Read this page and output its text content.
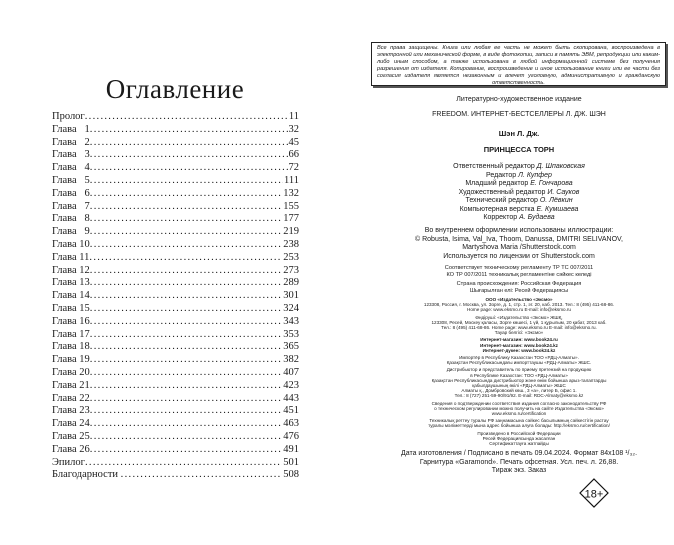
Оглавление
Пролог .....	11
Глава   1 .....	32
Глава   2 .....	45
Глава   3 .....	66
Глава   4 .....	72
Глава   5 .....	111
Глава   6 .....	132
Глава   7 .....	155
Глава   8 .....	177
Глава   9 .....	219
Глава 10 .....	238
Глава 11 .....	253
Глава 12 .....	273
Глава 13 .....	289
Глава 14 .....	301
Глава 15 .....	324
Глава 16 .....	343
Глава 17 .....	353
Глава 18 .....	365
Глава 19 .....	382
Глава 20 .....	407
Глава 21 .....	423
Глава 22 .....	443
Глава 23 .....	451
Глава 24 .....	463
Глава 25 .....	476
Глава 26 .....	491
Эпилог .....	501
Благодарности .....	508
Все права защищены. Книга или любая ее часть не может быть скопирована, воспроизведена в электронной или механической форме, в виде фотокопии, записи в память ЭВМ, репродукции или каким-либо иным способом, а также использована в любой информационной системе без получения разрешения от издателя. Копирование, воспроизведение и иное использование книги или ее части без согласия издателя является незаконным и влечет уголовную, административную и гражданскую ответственность.
Литературно-художественное издание
FREEDOM. ИНТЕРНЕТ-БЕСТСЕЛЛЕРЫ Л. ДЖ. ШЭН
Шэн Л. Дж.
ПРИНЦЕССА ТОРН
Ответственный редактор Д. Шпаковская
Редактор Л. Купфер
Младший редактор Е. Гончарова
Художественный редактор И. Сауков
Технический редактор О. Лёвкин
Компьютерная верстка Е. Кумшаева
Корректор А. Будаева
Во внутреннем оформлении использованы иллюстрации:
© Robusta, Isima, Val_Iva, Thoom, Danussa, DMITRI SELIVANOV,
Martyshova Maria /Shutterstock.com
Используется по лицензии от Shutterstock.com
Соответствует техническому регламенту ТР ТС 007/2011
КО ТР 007/2011 техникалық регламентіне сәйкес келеді
Страна происхождения: Российская Федерация
Шығарылған елі: Ресей Федерациясы
ООО «Издательство «Эксмо»
123308, Россия, г. Москва, ул. Зорге, д. 1, стр. 1, эт. 20, каб. 2013. Тел.: 8 (495) 411-68-86.
Home page: www.eksmo.ru E-mail: info@eksmo.ru
Өндіруші: «Издательство «Эксмо» ЖШҚ,
123308, Ресей, Мәскеу қаласы, Зорге көшесі, 1 үй, 1 құрылым, 20 қабат, 2013 каб.
Тел.: 8 (495) 411-68-86. Home page: www.eksmo.ru E-mail: info@eksmo.ru.
Тауар белгісі: «Эксмо»
Интернет-магазин: www.book24.ru
Интернет-магазин: www.book24.kz
Интернет-дүкен: www.book24.kz
Импортёр в Республику Казахстан ТОО «РДЦ-Алматы».
Қазақстан Республикасындағы импорттаушы «РДЦ-Алматы» ЖШС.
Дистрибьютор и представитель по приему претензий на продукцию
в Республике Казахстан: ТОО «РДЦ-Алматы»
Қазақстан Республикасында дистрибьютор және өнім бойынша арыз-талаптарды
қабылдаушының өкілі «РДЦ-Алматы» ЖШС
Алматы қ., Домбровский көш., 3 «а», литер Б, офис 1.
Тел.: 8 (727) 251-59-90/91/92. E-mail: RDC-Almaty@eksmo.kz
Сведения о подтверждении соответствия издания согласно законодательству РФ
о техническом регулировании можно получить на сайте Издательства «Эксмо»
www.eksmo.ru/certification
Техникалық реттеу туралы РФ заңнамасына сәйкес басылымның сәйкестігін растау
туралы мәліметтерді мына адрес бойынша алуға болады: http://eksmo.ru/certification/
Произведено в Российской Федерации
Ресей Федерациясында жасалған
Сертификаттауға жатпайды
Дата изготовления / Подписано в печать 09.04.2024. Формат 84x108 ¹/₃₂.
Гарнитура «Garamond». Печать офсетная. Усл. печ. л. 26,88.
Тираж экз. Заказ
18+
